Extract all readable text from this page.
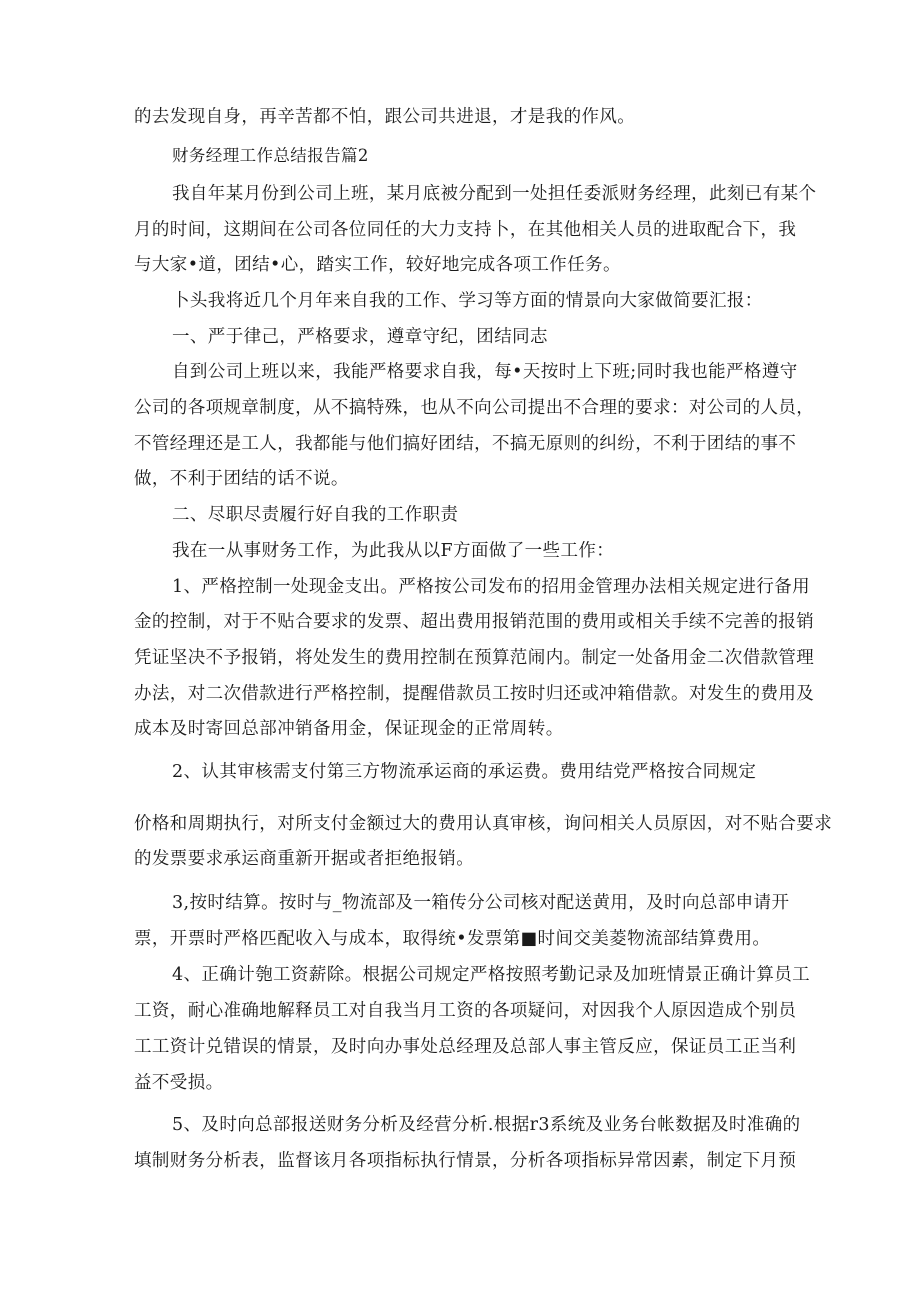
的去发现自身，再辛苦都不怕，跟公司共进退，才是我的作风。
财务经理工作总结报告篇2
我自年某月份到公司上班，某月底被分配到一处担任委派财务经理，此刻已有某个
月的时间，这期间在公司各位同任的大力支持卜，在其他相关人员的进取配合下，我
与大家•道，团结•心，踏实工作，较好地完成各项工作任务。
卜头我将近几个月年来自我的工作、学习等方面的情景向大家做简要汇报：
一、严于律己，严格要求，遵章守纪，团结同志
自到公司上班以来，我能严格要求自我，每•天按时上下班;同时我也能严格遵守
公司的各项规章制度，从不搞特殊，也从不向公司提出不合理的要求：对公司的人员，
不管经理还是工人，我都能与他们搞好团结，不搞无原则的纠纷，不利于团结的事不
做，不利于团结的话不说。
二、尽职尽责履行好自我的工作职责
我在一从事财务工作，为此我从以F方面做了一些工作：
1、严格控制一处现金支出。严格按公司发布的招用金管理办法相关规定进行备用
金的控制，对于不贴合要求的发票、超出费用报销范围的费用或相关手续不完善的报销
凭证坚决不予报销，将处发生的费用控制在预算范闹内。制定一处备用金二次借款管理
办法，对二次借款进行严格控制，提醒借款员工按时归还或冲箱借款。对发生的费用及
成本及时寄回总部冲销备用金，保证现金的正常周转。
2、认其审核需支付第三方物流承运商的承运费。费用结党严格按合同规定
价格和周期执行，对所支付金额过大的费用认真审核，询问相关人员原因，对不贴合要求
的发票要求承运商重新开据或者拒绝报销。
3,按时结算。按时与_物流部及一箱传分公司核对配送黄用，及时向总部申请开
票，开票时严格匹配收入与成本，取得统•发票第■时间交美菱物流部结算费用。
4、正确计匏工资薪除。根据公司规定严格按照考勤记录及加班情景正确计算员工
工资，耐心准确地解释员工对自我当月工资的各项疑问，对因我个人原因造成个别员
工工资计兑错误的情景，及时向办事处总经理及总部人事主管反应，保证员工正当利
益不受损。
5、及时向总部报送财务分析及经营分析.根据r3系统及业务台帐数据及时准确的
填制财务分析表，监督该月各项指标执行情景，分析各项指标异常因素，制定下月预
